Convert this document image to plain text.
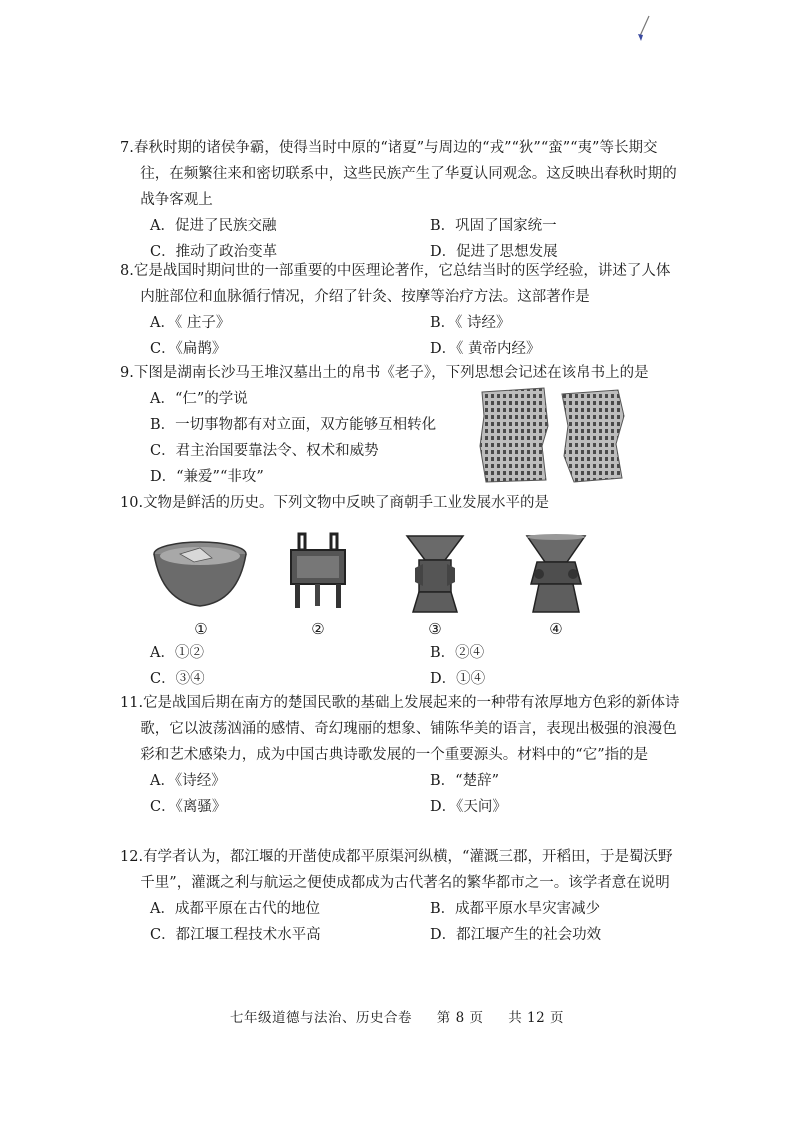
7.春秋时期的诸侯争霸，使得当时中原的“诸夏”与周边的“戎”“狄”“蛮”“夷”等长期交往，在频繁往来和密切联系中，这些民族产生了华夏认同观念。这反映出春秋时期的战争客观上
A．促进了民族交融	B．巩固了国家统一
C．推动了政治变革	D．促进了思想发展
8.它是战国时期问世的一部重要的中医理论著作，它总结当时的医学经验，讲述了人体内脏部位和血脉循行情况，介绍了针灸、按摩等治疗方法。这部著作是
A．《 庄子》	B．《 诗经》
C．《扁鹊》	D．《 黄帝内经》
9.下图是湖南长沙马王堆汉墓出土的帛书《老子》，下列思想会记述在该帛书上的是
A．“仁”的学说
B．一切事物都有对立面，双方能够互相转化
C．君主治国要靠法令、权术和威势
D．“兼爱”“非攻”
10.文物是鲜活的历史。下列文物中反映了商朝手工业发展水平的是
①	②	③	④
A．①②	B．②④
C．③④	D．①④
11.它是战国后期在南方的楚国民歌的基础上发展起来的一种带有浓厚地方色彩的新体诗歌，它以波荡汹涌的感情、奇幻瑰丽的想象、铺陈华美的语言，表现出极强的浪漫色彩和艺术感染力，成为中国古典诗歌发展的一个重要源头。材料中的“它”指的是
A．《诗经》	B．“楚辞”
C．《离骚》	D．《天问》
12.有学者认为，都江堰的开凿使成都平原渠河纵横，“灌溉三郡，开稻田，于是蜀沃野千里”，灌溉之利与航运之便使成都成为古代著名的繁华都市之一。该学者意在说明
A．成都平原在古代的地位	B．成都平原水旱灾害减少
C．都江堰工程技术水平高	D．都江堰产生的社会功效
七年级道德与法治、历史合卷 第 8 页 共 12 页
